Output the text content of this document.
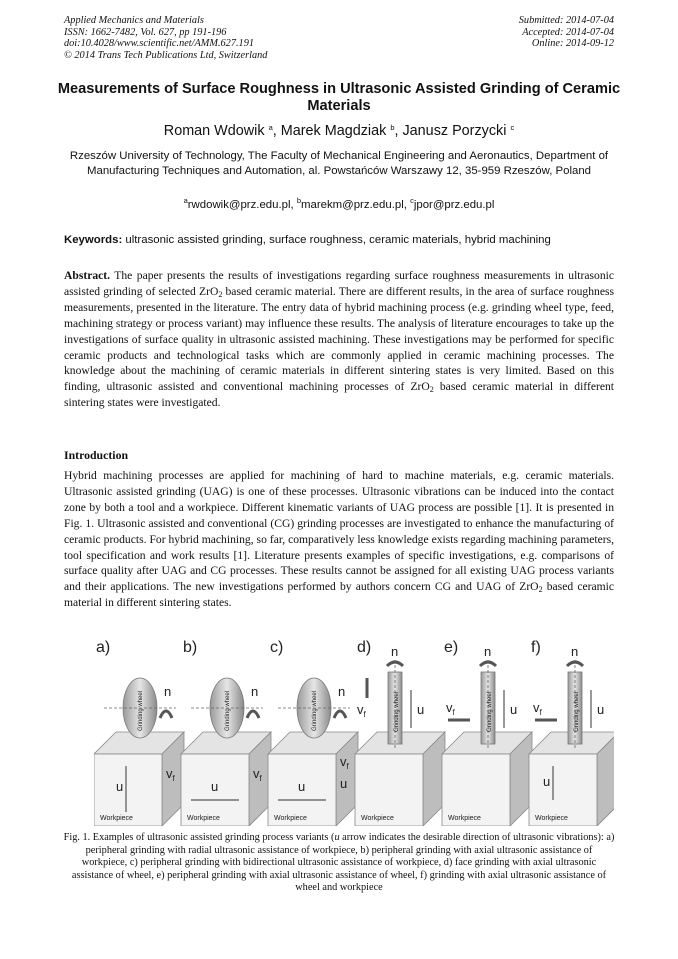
Applied Mechanics and Materials
ISSN: 1662-7482, Vol. 627, pp 191-196
doi:10.4028/www.scientific.net/AMM.627.191
© 2014 Trans Tech Publications Ltd, Switzerland
Submitted: 2014-07-04
Accepted: 2014-07-04
Online: 2014-09-12
Measurements of Surface Roughness in Ultrasonic Assisted Grinding of Ceramic Materials
Roman Wdowik $^a$, Marek Magdziak $^b$, Janusz Porzycki $^c$
Rzeszów University of Technology, The Faculty of Mechanical Engineering and Aeronautics, Department of Manufacturing Techniques and Automation, al. Powstańców Warszawy 12, 35-959 Rzeszów, Poland
$^a$rwdowik@prz.edu.pl, $^b$marekm@prz.edu.pl, $^c$jpor@prz.edu.pl
Keywords: ultrasonic assisted grinding, surface roughness, ceramic materials, hybrid machining
Abstract. The paper presents the results of investigations regarding surface roughness measurements in ultrasonic assisted grinding of selected ZrO$_2$ based ceramic material. There are different results, in the area of surface roughness measurements, presented in the literature. The entry data of hybrid machining process (e.g. grinding wheel type, feed, machining strategy or process variant) may influence these results. The analysis of literature encourages to take up the investigations of surface quality in ultrasonic assisted machining. These investigations may be performed for specific ceramic products and technological tasks which are commonly applied in ceramic machining processes. The knowledge about the machining of ceramic materials in different sintering states is very limited. Based on this finding, ultrasonic assisted and conventional machining processes of ZrO$_2$ based ceramic material in different sintering states were investigated.
Introduction
Hybrid machining processes are applied for machining of hard to machine materials, e.g. ceramic materials. Ultrasonic assisted grinding (UAG) is one of these processes. Ultrasonic vibrations can be induced into the contact zone by both a tool and a workpiece. Different kinematic variants of UAG process are possible [1]. It is presented in Fig. 1. Ultrasonic assisted and conventional (CG) grinding processes are investigated to enhance the manufacturing of ceramic products. For hybrid machining, so far, comparatively less knowledge exists regarding machining parameters, tool specification and work results [1]. Literature presents examples of specific investigations, e.g. comparisons of surface quality after UAG and CG processes. These results cannot be assigned for all existing UAG process variants and their applications. The new investigations performed by authors concern CG and UAG of ZrO$_2$ based ceramic material in different sintering states.
a)
Workpiece
Grinding wheel n
u
$v_f$
b)
Workpiece
Grinding wheel n
u
$v_f$
c)
Workpiece
Grinding wheel n
u
$v_f$
u
d)
Workpiece
Grinding wheel
n
u
$v_f$
e)
Workpiece
Grinding wheel
n
u
$v_f$
f)
Workpiece
Grinding wheel
n
u
$v_f$
u
Fig. 1. Examples of ultrasonic assisted grinding process variants (u arrow indicates the desirable direction of ultrasonic vibrations): a) peripheral grinding with radial ultrasonic assistance of workpiece, b) peripheral grinding with axial ultrasonic assistance of workpiece, c) peripheral grinding with bidirectional ultrasonic assistance of workpiece, d) face grinding with axial ultrasonic assistance of wheel, e) peripheral grinding with axial ultrasonic assistance of wheel, f) grinding with axial ultrasonic assistance of wheel and workpiece
